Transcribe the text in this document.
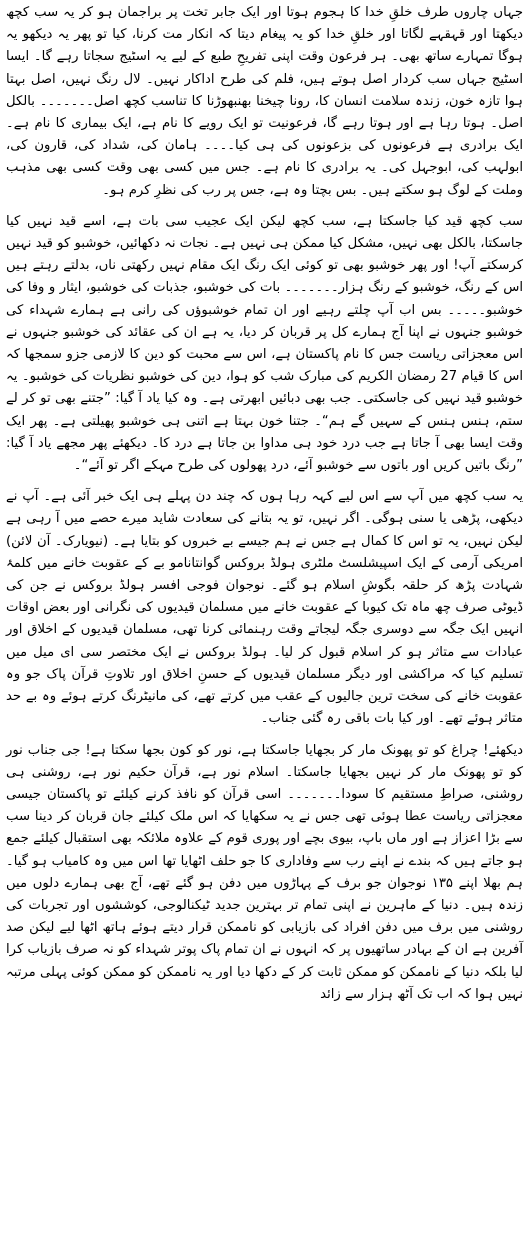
جہاں چاروں طرف خلقِ خدا کا ہجوم ہوتا اور ایک جابر تخت پر براجمان ہو کر یہ سب کچھ دیکھتا اور قہقہے لگاتا اور خلقِ خدا کو یہ پیغام دیتا کہ انکار مت کرنا، کیا تو پھر یہ دیکھو یہ ہوگا تمہارے ساتھ بھی۔ ہر فرعون وقت اپنی تفریحِ طبع کے لیے یہ اسٹیج سجاتا رہے گا۔ ایسا اسٹیج جہاں سب کردار اصل ہوتے ہیں، فلم کی طرح اداکار نہیں۔ لال رنگ نہیں، اصل بہتا ہوا تازہ خون، زندہ سلامت انسان کا، رونا چیخنا بھنبھوڑنا کا تناسب کچھ اصل۔۔۔۔۔۔۔ بالکل اصل۔ ہوتا رہا ہے اور ہوتا رہے گا، فرعونیت تو ایک رویے کا نام ہے، ایک بیماری کا نام ہے۔ ایک برادری ہے فرعونوں کی بزعونوں کی ہی کیا۔۔۔۔ ہامان کی، شداد کی، قارون کی، ابولہب کی، ابوجہل کی۔ یہ برادری کا نام ہے۔ جس میں کسی بھی وقت کسی بھی مذہب وملت کے لوگ ہو سکتے ہیں۔ بس بچتا وہ ہے، جس پر رب کی نظرِ کرم ہو۔

سب کچھ قید کیا جاسکتا ہے، سب کچھ لیکن ایک عجیب سی بات ہے، اسے قید نہیں کیا جاسکتا، بالکل بھی نہیں، مشکل کیا ممکن ہی نہیں ہے۔ نجات نہ دکھائیں، خوشبو کو قید نہیں کرسکتے آپ! اور پھر خوشبو بھی تو کوئی ایک رنگ ایک مقام نہیں رکھتی ناں، بدلتے رہتے ہیں اس کے رنگ، خوشبو کے رنگ ہزار۔۔۔۔۔۔۔ بات کی خوشبو، جذبات کی خوشبو، ایثار و وفا کی خوشبو۔۔۔۔۔ بس اب آپ چلتے رہیے اور ان تمام خوشبوؤں کی رانی ہے ہمارے شہداء کی خوشبو جنہوں نے اپنا آج ہمارے کل پر قربان کر دیا، یہ ہے ان کی عقائد کی خوشبو جنہوں نے اس معجزاتی ریاست جس کا نام پاکستان ہے، اس سے محبت کو دین کا لازمی جزو سمجھا کہ اس کا قیام 27 رمضان الکریم کی مبارک شب کو ہوا، دین کی خوشبو نظریات کی خوشبو۔ یہ خوشبو قید نہیں کی جاسکتی۔ جب بھی دبائیں ابھرتی ہے۔ وہ کیا یاد آ گیا: ”جتنے بھی تو کر لے ستم، ہنس ہنس کے سہیں گے ہم“۔ جتنا خون بہتا ہے اتنی ہی خوشبو پھیلتی ہے۔ پھر ایک وقت ایسا بھی آ جاتا ہے جب درد خود ہی مداوا بن جاتا ہے درد کا۔ دیکھئے پھر مجھے یاد آ گیا: ”رنگ باتیں کریں اور باتوں سے خوشبو آئے، درد پھولوں کی طرح مہکے اگر تو آئے“۔

یہ سب کچھ میں آپ سے اس لیے کہہ رہا ہوں کہ چند دن پہلے ہی ایک خبر آئی ہے۔ آپ نے دیکھی، پڑھی یا سنی ہوگی۔ اگر نہیں، تو یہ بتانے کی سعادت شاید میرے حصے میں آ رہی ہے لیکن نہیں، یہ تو اس کا کمال ہے جس نے ہم جیسے بے خبروں کو بتایا ہے۔ (نیویارک۔ آن لائن) امریکی آرمی کے ایک اسپیشلسٹ ملٹری ہولڈ بروکس گوانتانامو بے کے عقوبت خانے میں کلمۂ شہادت پڑھ کر حلقہ بگوشِ اسلام ہو گئے۔ نوجوان فوجی افسر ہولڈ بروکس نے جن کی ڈیوٹی صرف چھ ماہ تک کیوبا کے عقوبت خانے میں مسلمان قیدیوں کی نگرانی اور بعض اوقات انہیں ایک جگہ سے دوسری جگہ لیجاتے وقت رہنمائی کرنا تھی، مسلمان قیدیوں کے اخلاق اور عبادات سے متاثر ہو کر اسلام قبول کر لیا۔ ہولڈ بروکس نے ایک مختصر سی ای میل میں تسلیم کیا کہ مراکشی اور دیگر مسلمان قیدیوں کے حسنِ اخلاق اور تلاوتِ قرآن پاک جو وہ عقوبت خانے کی سخت ترین جالیوں کے عقب میں کرتے تھے، کی مانیٹرنگ کرتے ہوئے وہ بے حد متاثر ہوئے تھے۔ اور کیا بات باقی رہ گئی جناب۔

دیکھئے! چراغ کو تو پھونک مار کر بجھایا جاسکتا ہے، نور کو کون بجھا سکتا ہے! جی جناب نور کو تو پھونک مار کر نہیں بجھایا جاسکتا۔ اسلام نور ہے، قرآن حکیم نور ہے، روشنی ہی روشنی، صراطِ مستقیم کا سودا۔۔۔۔۔۔۔ اسی قرآن کو نافذ کرنے کیلئے تو پاکستان جیسی معجزاتی ریاست عطا ہوئی تھی جس نے یہ سکھایا کہ اس ملک کیلئے جان قربان کر دینا سب سے بڑا اعزاز ہے اور ماں باپ، بیوی بچے اور پوری قوم کے علاوہ ملائکہ بھی استقبال کیلئے جمع ہو جاتے ہیں کہ بندے نے اپنے رب سے وفاداری کا جو حلف اٹھایا تھا اس میں وہ کامیاب ہو گیا۔ ہم بھلا اپنے ۱۳۵ نوجوان جو برف کے پہاڑوں میں دفن ہو گئے تھے، آج بھی ہمارے دلوں میں زندہ ہیں۔ دنیا کے ماہرین نے اپنی تمام تر بہترین جدید ٹیکنالوجی، کوششوں اور تجربات کی روشنی میں برف میں دفن افراد کی بازیابی کو ناممکن قرار دیتے ہوئے ہاتھ اٹھا لیے لیکن صد آفرین ہے ان کے بہادر ساتھیوں پر کہ انہوں نے ان تمام پاک پوتر شہداء کو نہ صرف بازیاب کرا لیا بلکہ دنیا کے ناممکن کو ممکن ثابت کر کے دکھا دیا اور یہ ناممکن کو ممکن کوئی پہلی مرتبہ نہیں ہوا کہ اب تک آٹھ ہزار سے زائد
